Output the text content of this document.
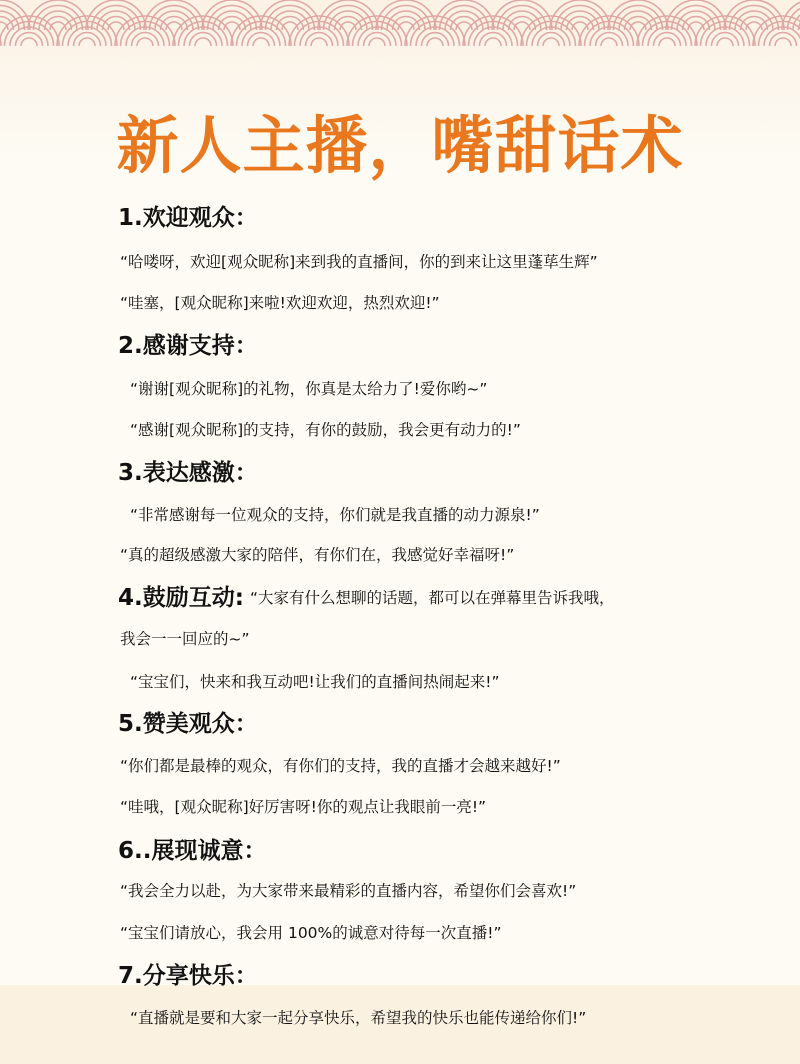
新人主播，嘴甜话术
1.欢迎观众：
“哈喽呀，欢迎[观众昵称]来到我的直播间，你的到来让这里蓬荜生辉”
“哇塞，[观众昵称]来啦!欢迎欢迎，热烈欢迎!”
2.感谢支持：
“谢谢[观众昵称]的礼物，你真是太给力了!爱你哟~”
“感谢[观众昵称]的支持，有你的鼓励，我会更有动力的!”
3.表达感激：
“非常感谢每一位观众的支持，你们就是我直播的动力源泉!”
“真的超级感激大家的陪伴，有你们在，我感觉好幸福呀!”
4.鼓励互动: “大家有什么想聊的话题，都可以在弹幕里告诉我哦，
我会一一回应的~”
“宝宝们，快来和我互动吧!让我们的直播间热闹起来!”
5.赞美观众：
“你们都是最棒的观众，有你们的支持，我的直播才会越来越好!”
“哇哦，[观众昵称]好厉害呀!你的观点让我眼前一亮!”
6..展现诚意：
“我会全力以赴，为大家带来最精彩的直播内容，希望你们会喜欢!”
“宝宝们请放心，我会用 100%的诚意对待每一次直播!”
7.分享快乐：
“直播就是要和大家一起分享快乐，希望我的快乐也能传递给你们!”
